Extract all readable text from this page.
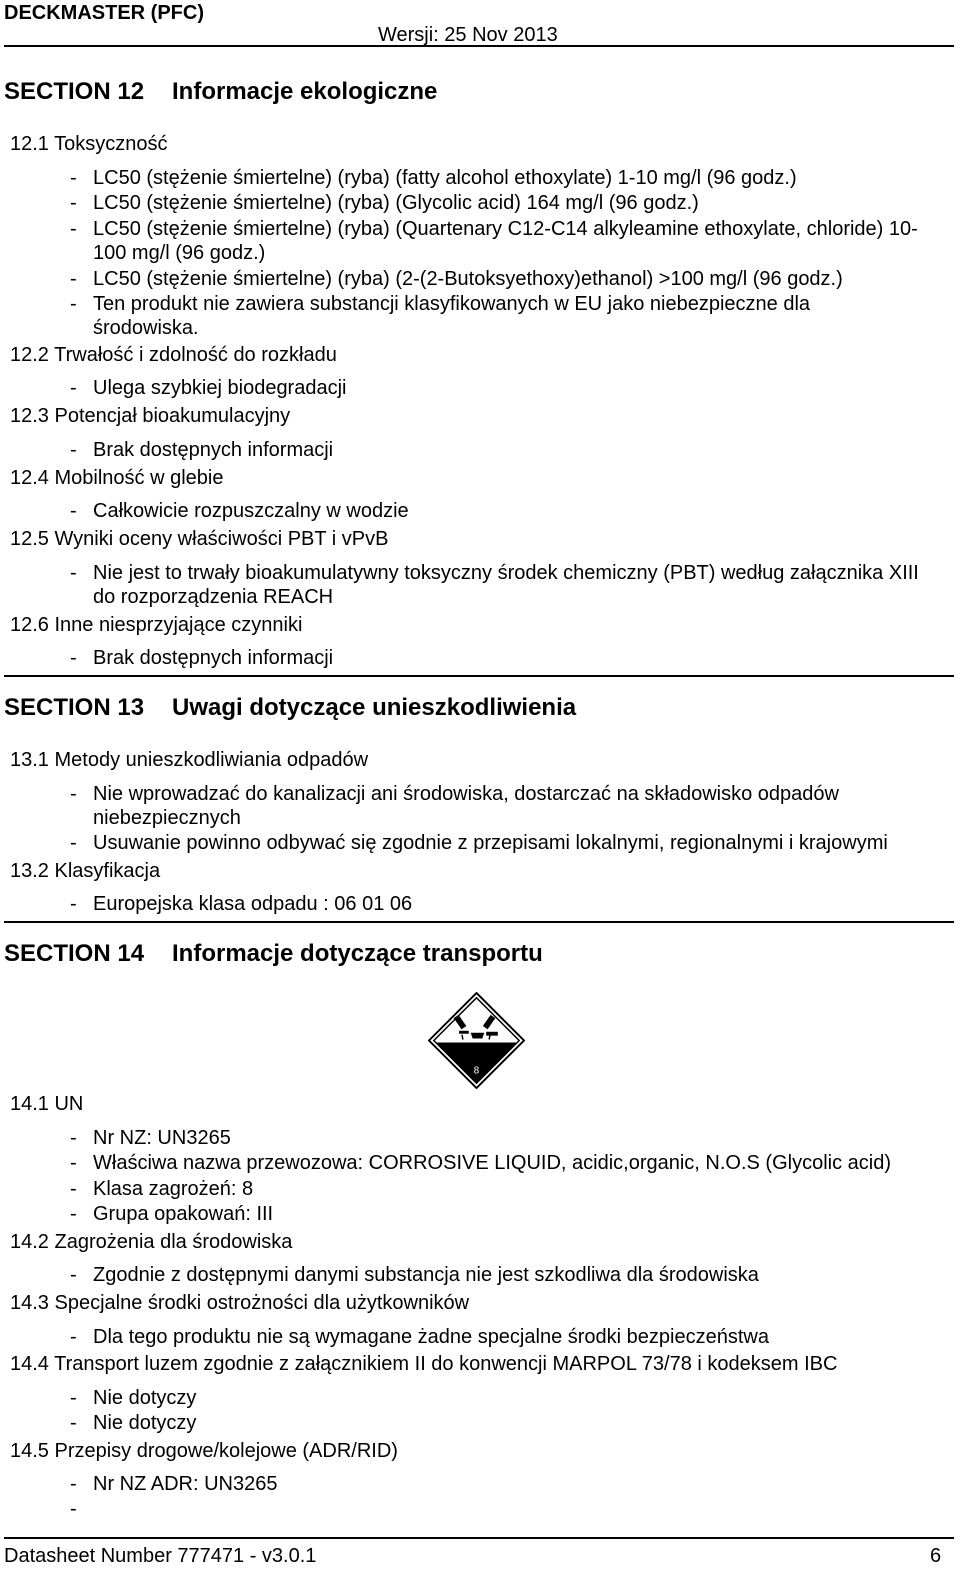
DECKMASTER (PFC)
Wersji: 25 Nov 2013
SECTION 12 Informacje ekologiczne
12.1 Toksyczność
- LC50 (stężenie śmiertelne) (ryba) (fatty alcohol ethoxylate) 1-10 mg/l (96 godz.)
- LC50 (stężenie śmiertelne) (ryba) (Glycolic acid) 164 mg/l (96 godz.)
- LC50 (stężenie śmiertelne) (ryba) (Quartenary C12-C14 alkyleamine ethoxylate, chloride) 10-100 mg/l (96 godz.)
- LC50 (stężenie śmiertelne) (ryba) (2-(2-Butoksyethoxy)ethanol) >100 mg/l (96 godz.)
- Ten produkt nie zawiera substancji klasyfikowanych w EU jako niebezpieczne dla środowiska.
12.2 Trwałość i zdolność do rozkładu
- Ulega szybkiej biodegradacji
12.3 Potencjał bioakumulacyjny
- Brak dostępnych informacji
12.4 Mobilność w glebie
- Całkowicie rozpuszczalny w wodzie
12.5 Wyniki oceny właściwości PBT i vPvB
- Nie jest to trwały bioakumulatywny toksyczny środek chemiczny (PBT) według załącznika XIII do rozporządzenia REACH
12.6 Inne niesprzyjające czynniki
- Brak dostępnych informacji
SECTION 13 Uwagi dotyczące unieszkodliwienia
13.1 Metody unieszkodliwiania odpadów
- Nie wprowadzać do kanalizacji ani środowiska, dostarczać na składowisko odpadów niebezpiecznych
- Usuwanie powinno odbywać się zgodnie z przepisami lokalnymi, regionalnymi i krajowymi
13.2 Klasyfikacja
- Europejska klasa odpadu : 06 01 06
SECTION 14 Informacje dotyczące transportu
8
14.1 UN
- Nr NZ: UN3265
- Właściwa nazwa przewozowa: CORROSIVE LIQUID, acidic,organic, N.O.S (Glycolic acid)
- Klasa zagrożeń: 8
- Grupa opakowań: III
14.2 Zagrożenia dla środowiska
- Zgodnie z dostępnymi danymi substancja nie jest szkodliwa dla środowiska
14.3 Specjalne środki ostrożności dla użytkowników
- Dla tego produktu nie są wymagane żadne specjalne środki bezpieczeństwa
14.4 Transport luzem zgodnie z załącznikiem II do konwencji MARPOL 73/78 i kodeksem IBC
- Nie dotyczy
- Nie dotyczy
14.5 Przepisy drogowe/kolejowe (ADR/RID)
- Nr NZ ADR: UN3265
-
Datasheet Number 777471 - v3.0.1	6
